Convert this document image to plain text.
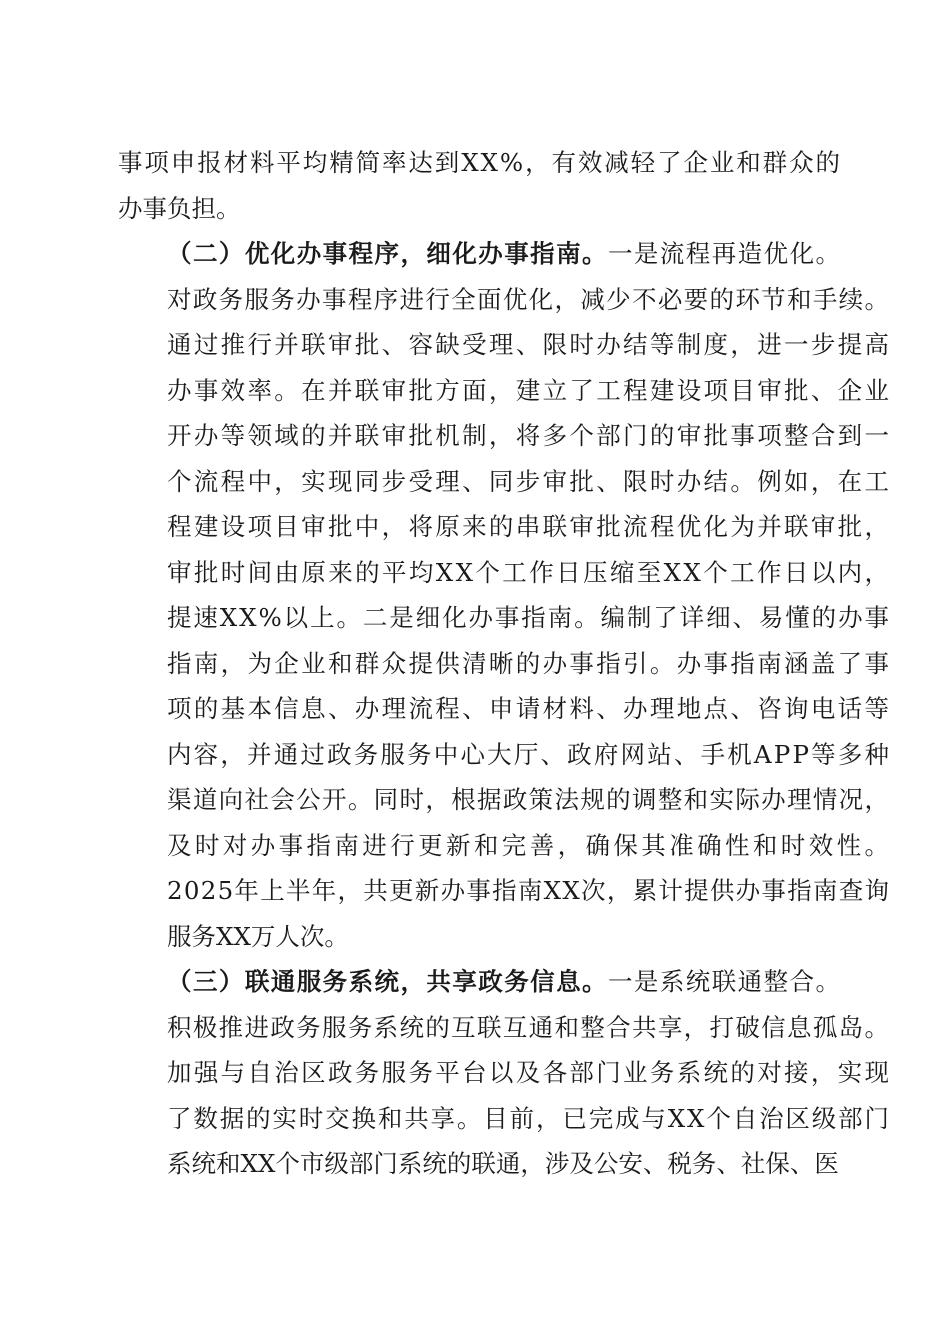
事项申报材料平均精简率达到XX%，有效减轻了企业和群众的
办事负担。

（二）优化办事程序，细化办事指南。一是流程再造优化。
对政务服务办事程序进行全面优化，减少不必要的环节和手续。
通过推行并联审批、容缺受理、限时办结等制度，进一步提高
办事效率。在并联审批方面，建立了工程建设项目审批、企业
开办等领域的并联审批机制，将多个部门的审批事项整合到一
个流程中，实现同步受理、同步审批、限时办结。例如，在工
程建设项目审批中，将原来的串联审批流程优化为并联审批，
审批时间由原来的平均XX个工作日压缩至XX个工作日以内，
提速XX%以上。二是细化办事指南。编制了详细、易懂的办事
指南，为企业和群众提供清晰的办事指引。办事指南涵盖了事
项的基本信息、办理流程、申请材料、办理地点、咨询电话等
内容，并通过政务服务中心大厅、政府网站、手机APP等多种
渠道向社会公开。同时，根据政策法规的调整和实际办理情况，
及时对办事指南进行更新和完善，确保其准确性和时效性。
2025年上半年，共更新办事指南XX次，累计提供办事指南查询
服务XX万人次。

（三）联通服务系统，共享政务信息。一是系统联通整合。
积极推进政务服务系统的互联互通和整合共享，打破信息孤岛。
加强与自治区政务服务平台以及各部门业务系统的对接，实现
了数据的实时交换和共享。目前，已完成与XX个自治区级部门
系统和XX个市级部门系统的联通，涉及公安、税务、社保、医
